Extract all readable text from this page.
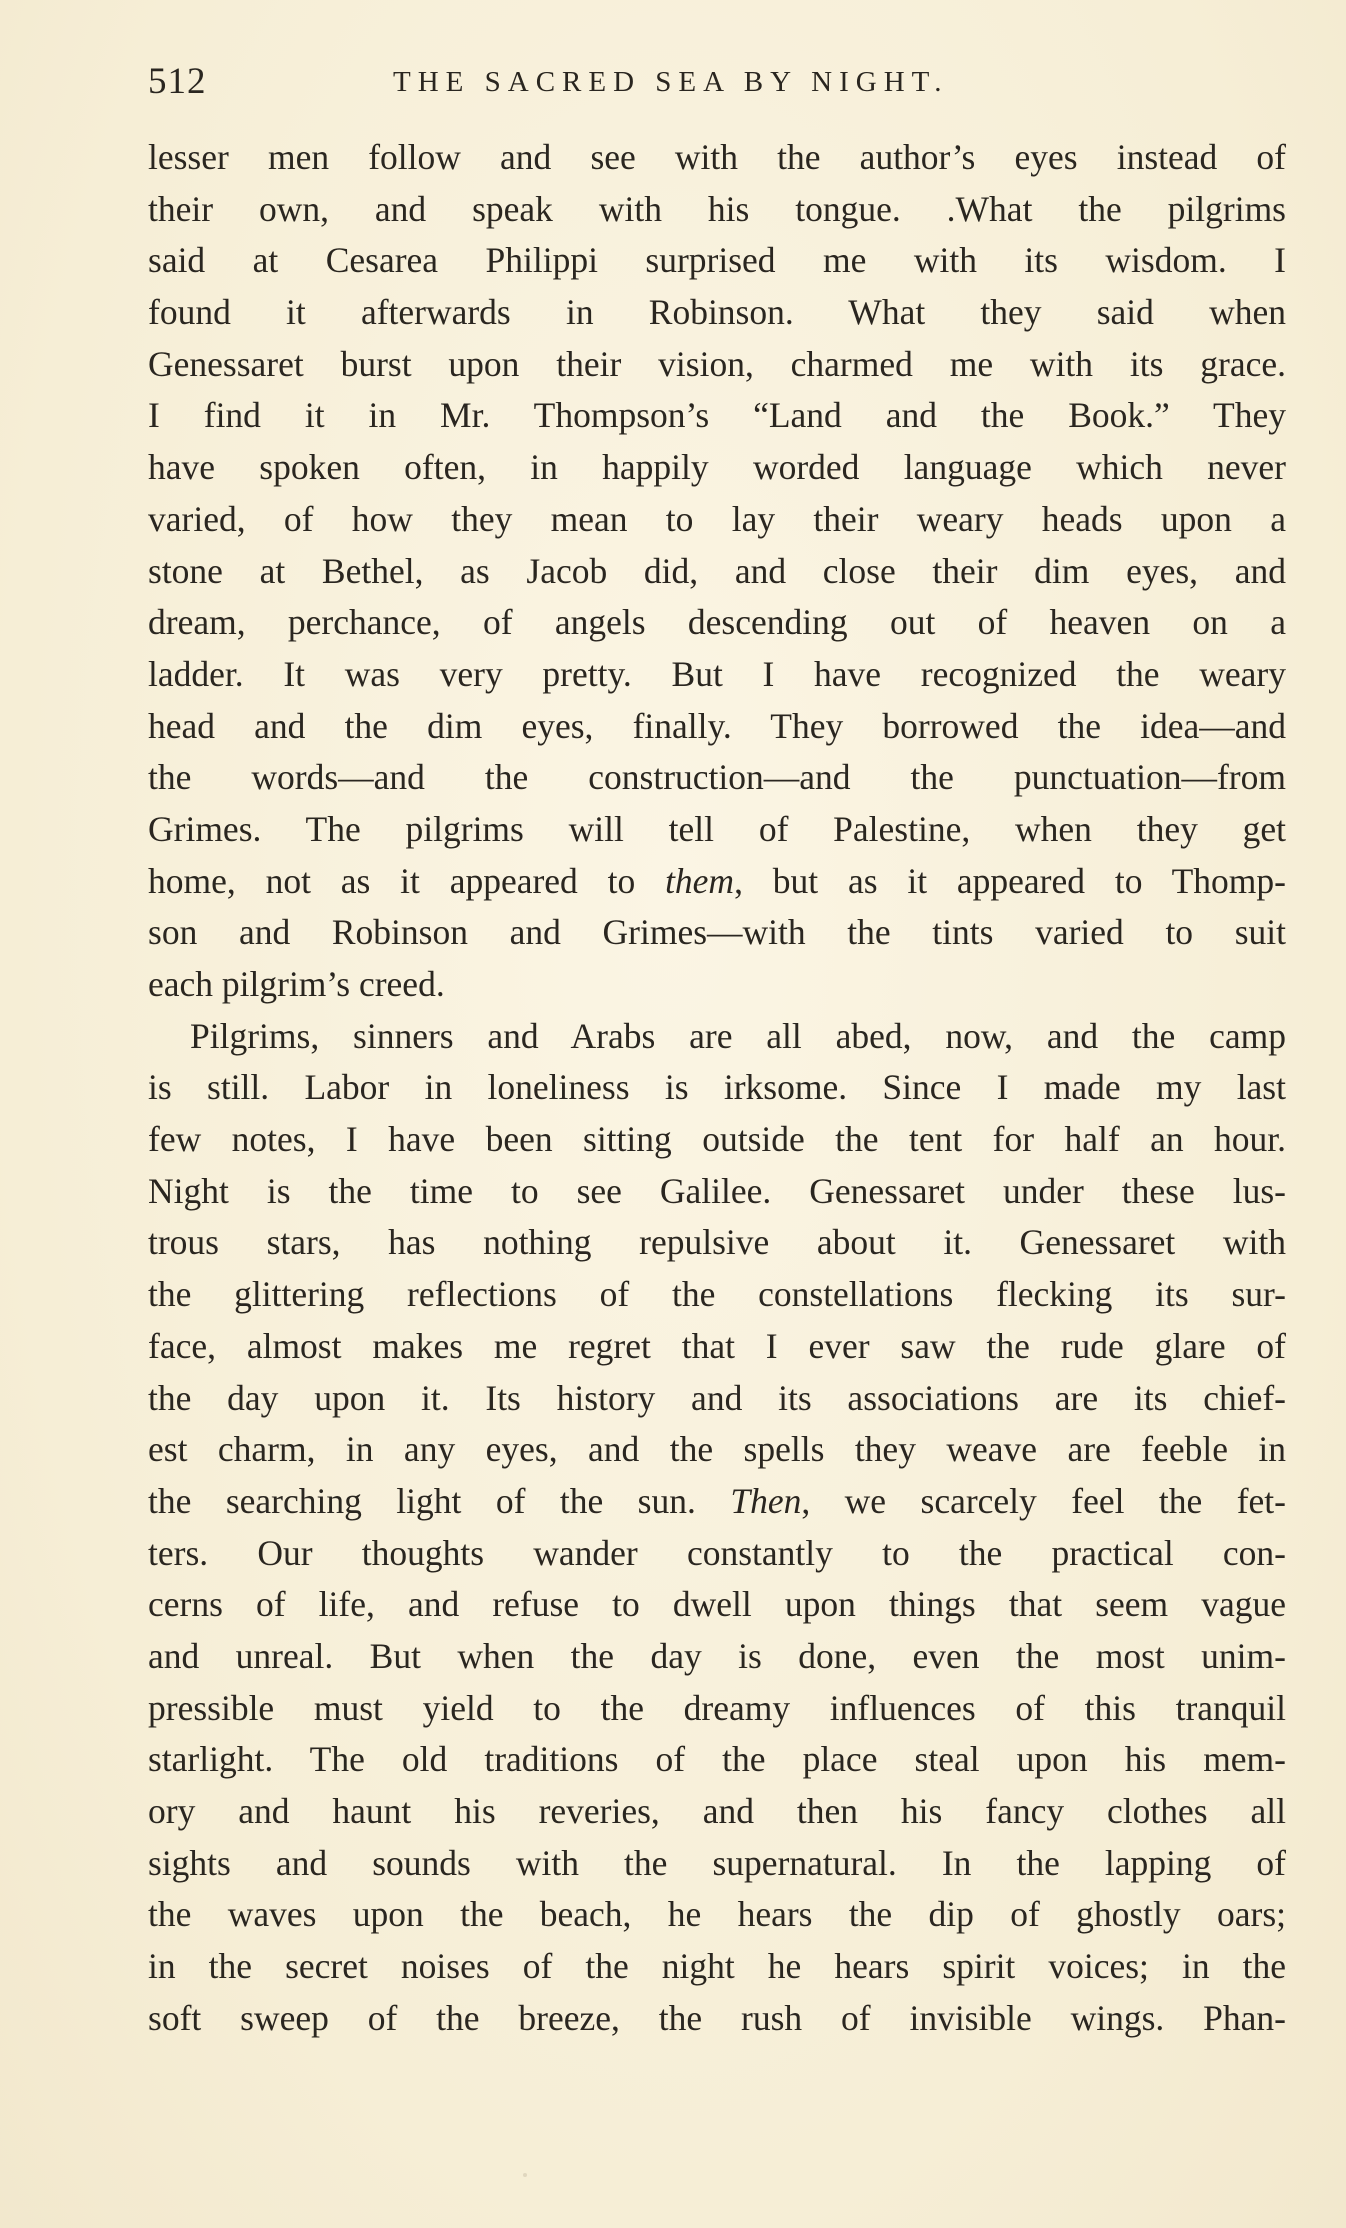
512	THE SACRED SEA BY NIGHT.
lesser men follow and see with the author’s eyes instead of
their own, and speak with his tongue. .What the pilgrims
said at Cesarea Philippi surprised me with its wisdom. I
found it afterwards in Robinson. What they said when
Genessaret burst upon their vision, charmed me with its grace.
I find it in Mr. Thompson’s “Land and the Book.” They
have spoken often, in happily worded language which never
varied, of how they mean to lay their weary heads upon a
stone at Bethel, as Jacob did, and close their dim eyes, and
dream, perchance, of angels descending out of heaven on a
ladder. It was very pretty. But I have recognized the weary
head and the dim eyes, finally. They borrowed the idea—and
the words—and the construction—and the punctuation—from
Grimes. The pilgrims will tell of Palestine, when they get
home, not as it appeared to them, but as it appeared to Thomp-
son and Robinson and Grimes—with the tints varied to suit
each pilgrim’s creed.
Pilgrims, sinners and Arabs are all abed, now, and the camp
is still. Labor in loneliness is irksome. Since I made my last
few notes, I have been sitting outside the tent for half an hour.
Night is the time to see Galilee. Genessaret under these lus-
trous stars, has nothing repulsive about it. Genessaret with
the glittering reflections of the constellations flecking its sur-
face, almost makes me regret that I ever saw the rude glare of
the day upon it. Its history and its associations are its chief-
est charm, in any eyes, and the spells they weave are feeble in
the searching light of the sun. Then, we scarcely feel the fet-
ters. Our thoughts wander constantly to the practical con-
cerns of life, and refuse to dwell upon things that seem vague
and unreal. But when the day is done, even the most unim-
pressible must yield to the dreamy influences of this tranquil
starlight. The old traditions of the place steal upon his mem-
ory and haunt his reveries, and then his fancy clothes all
sights and sounds with the supernatural. In the lapping of
the waves upon the beach, he hears the dip of ghostly oars;
in the secret noises of the night he hears spirit voices; in the
soft sweep of the breeze, the rush of invisible wings. Phan-
